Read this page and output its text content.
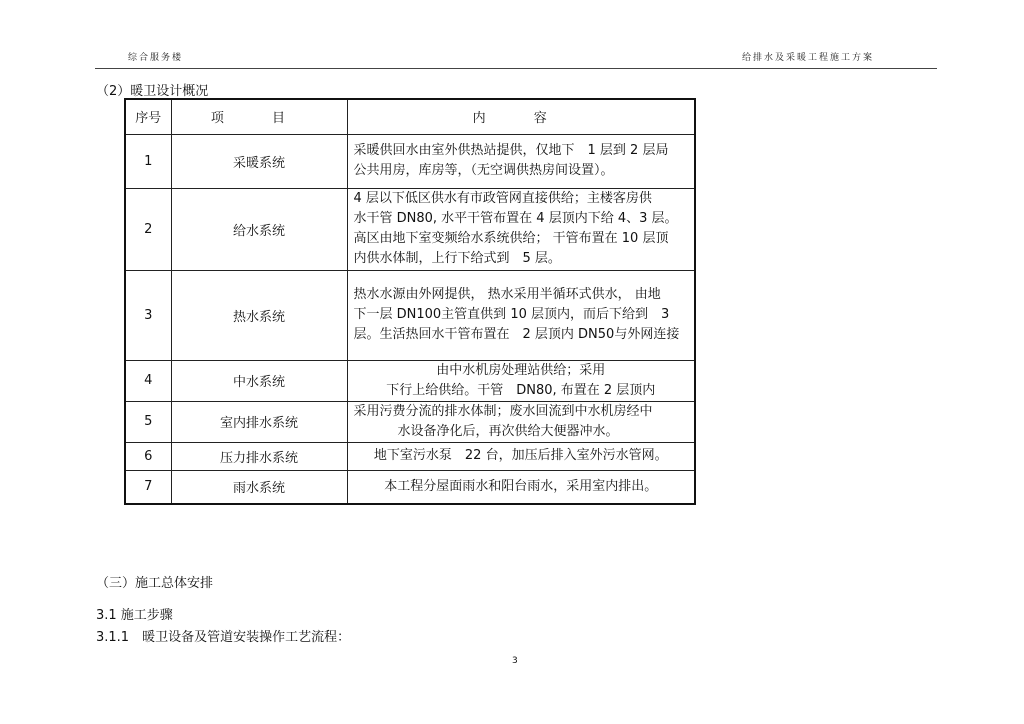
综合服务楼	给排水及采暖工程施工方案
（2）暖卫设计概况
序号	项 目	内 容
1	采暖系统	采暖供回水由室外供热站提供，仅地下　1 层到 2 层局
公共用房，库房等，（无空调供热房间设置）。

2	给水系统	4 层以下低区供水有市政管网直接供给；主楼客房供
水干管 DN80, 水平干管布置在 4 层顶内下给 4、3 层。
高区由地下室变频给水系统供给； 干管布置在 10 层顶
内供水体制，上行下给式到　5 层。

3	热水系统	热水水源由外网提供， 热水采用半循环式供水， 由地
下一层 DN100主管直供到 10 层顶内，而后下给到　3
层。生活热回水干管布置在　2 层顶内 DN50与外网连接

4	中水系统	由中水机房处理站供给；采用
下行上给供给。干管　DN80, 布置在 2 层顶内

5	室内排水系统	采用污费分流的排水体制；废水回流到中水机房经中
水设备净化后，再次供给大便器冲水。

6	压力排水系统	地下室污水泵　22 台，加压后排入室外污水管网。

7	雨水系统	本工程分屋面雨水和阳台雨水，采用室内排出。
（三）施工总体安排
3.1 施工步骤
3.1.1　暖卫设备及管道安装操作工艺流程：
3
